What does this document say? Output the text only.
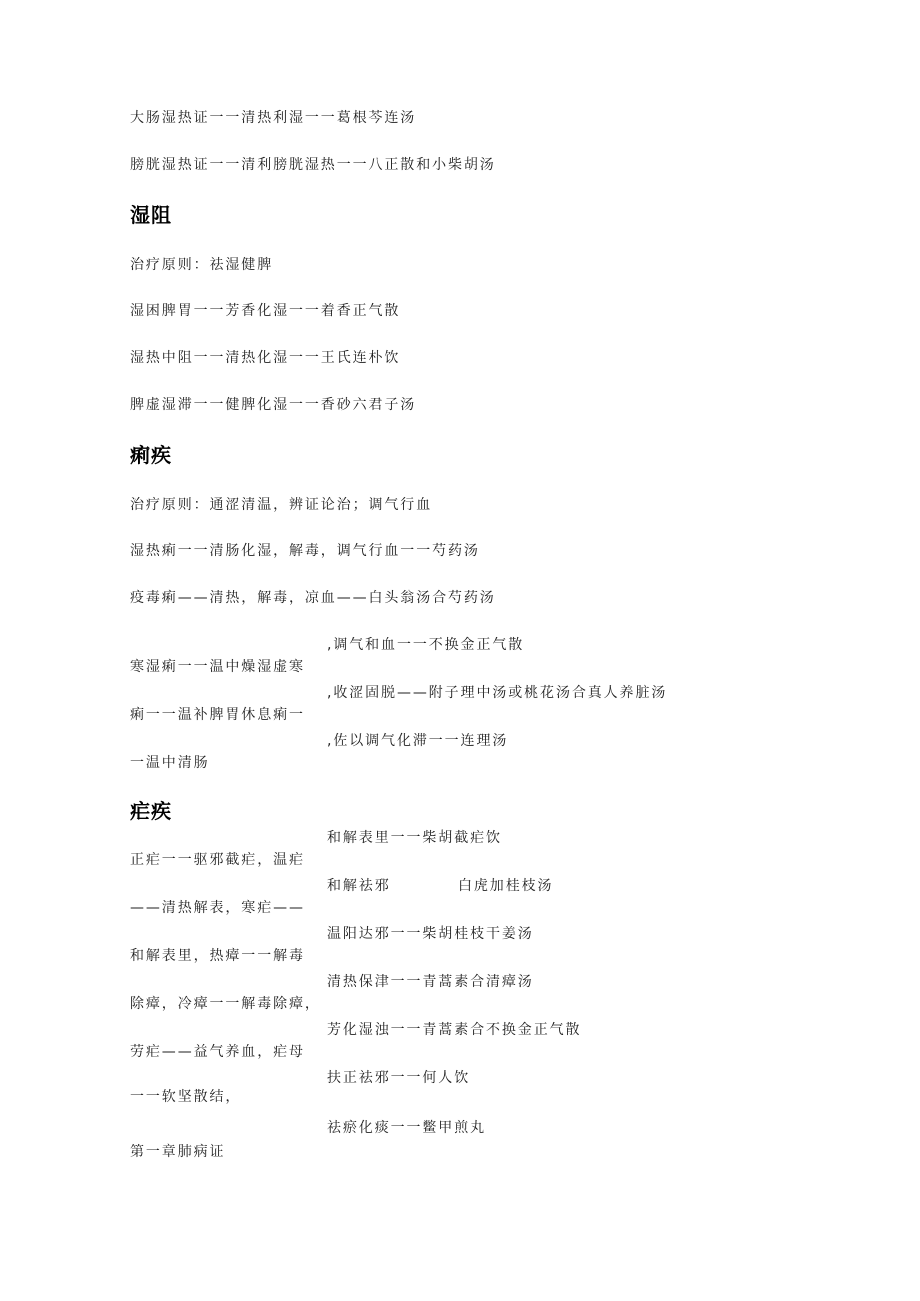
大肠湿热证一一清热利湿一一葛根芩连汤
膀胱湿热证一一清利膀胱湿热一一八正散和小柴胡汤
湿阻
治疗原则：祛湿健脾
湿困脾胃一一芳香化湿一一着香正气散
湿热中阻一一清热化湿一一王氏连朴饮
脾虚湿滞一一健脾化湿一一香砂六君子汤
痢疾
治疗原则：通涩清温，辨证论治；调气行血
湿热痢一一清肠化湿，解毒，调气行血一一芍药汤
疫毒痢——清热，解毒，凉血——白头翁汤合芍药汤
,调气和血一一不换金正气散
寒湿痢一一温中燥湿虚寒
,收涩固脱——附子理中汤或桃花汤合真人养脏汤
痢一一温补脾胃休息痢一
,佐以调气化滞一一连理汤
一温中清肠
疟疾
和解表里一一柴胡截疟饮
正疟一一驱邪截疟，温疟
和解祛邪	白虎加桂枝汤
——清热解表，寒疟——
温阳达邪一一柴胡桂枝干姜汤
和解表里，热瘴一一解毒
清热保津一一青蒿素合清瘴汤
除瘴，冷瘴一一解毒除瘴，
芳化湿浊一一青蒿素合不换金正气散
劳疟——益气养血，疟母
扶正祛邪一一何人饮
一一软坚散结，
祛瘀化痰一一鳖甲煎丸
第一章肺病证
